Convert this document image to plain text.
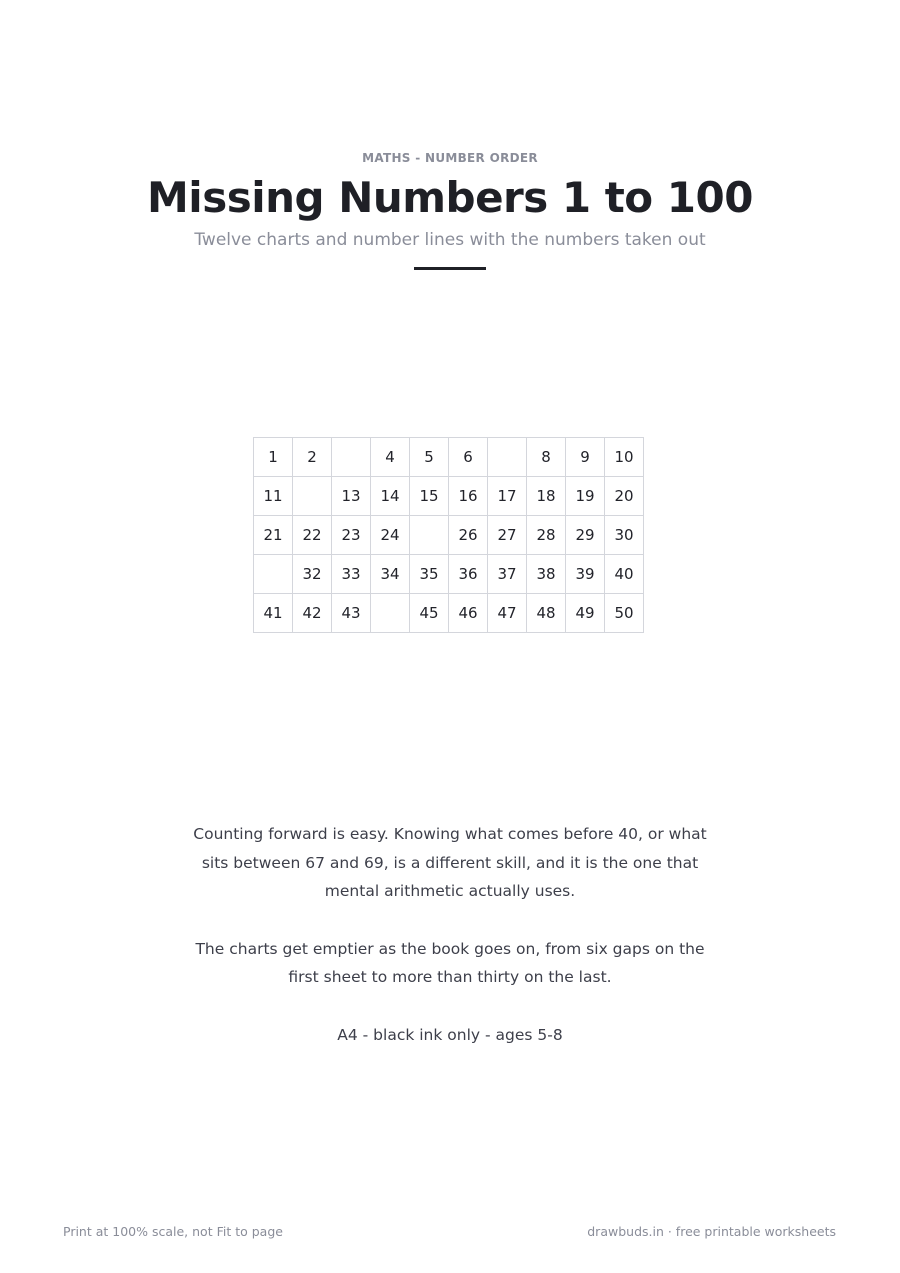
MATHS - NUMBER ORDER
Missing Numbers 1 to 100
Twelve charts and number lines with the numbers taken out
1	2		4	5	6		8	9	10
11		13	14	15	16	17	18	19	20
21	22	23	24		26	27	28	29	30
	32	33	34	35	36	37	38	39	40
41	42	43		45	46	47	48	49	50

Counting forward is easy. Knowing what comes before 40, or what sits between 67 and 69, is a different skill, and it is the one that mental arithmetic actually uses.

The charts get emptier as the book goes on, from six gaps on the first sheet to more than thirty on the last.

A4 - black ink only - ages 5-8

Print at 100% scale, not Fit to page	drawbuds.in · free printable worksheets
